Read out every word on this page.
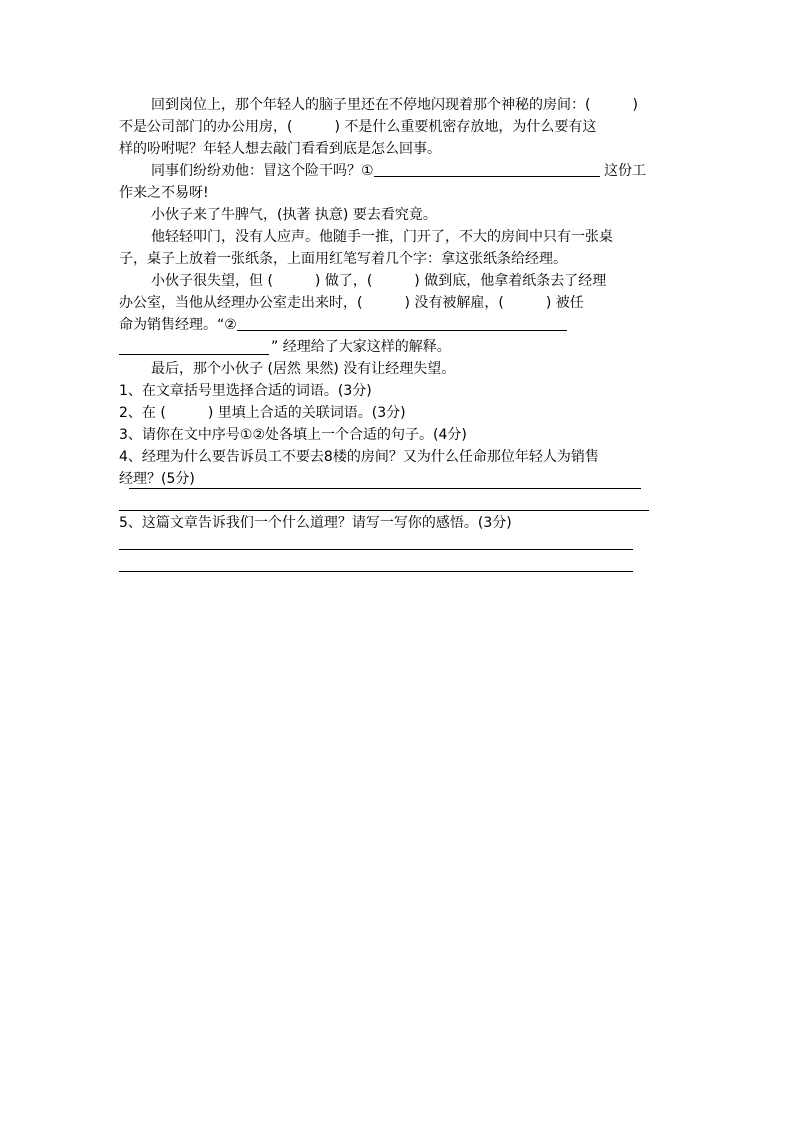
回到岗位上，那个年轻人的脑子里还在不停地闪现着那个神秘的房间：(　　　)
不是公司部门的办公用房，(　　　) 不是什么重要机密存放地，为什么要有这
样的吩咐呢？年轻人想去敲门看看到底是怎么回事。
同事们纷纷劝他：冒这个险干吗？①	这份工
作来之不易呀!
小伙子来了牛脾气，(执著 执意) 要去看究竟。
他轻轻叩门，没有人应声。他随手一推，门开了，不大的房间中只有一张桌
子，桌子上放着一张纸条，上面用红笔写着几个字：拿这张纸条给经理。
小伙子很失望，但 (　　　) 做了，(　　　) 做到底，他拿着纸条去了经理
办公室，当他从经理办公室走出来时，(　　　) 没有被解雇，(　　　) 被任
命为销售经理。“②
” 经理给了大家这样的解释。
最后，那个小伙子 (居然 果然) 没有让经理失望。
1、在文章括号里选择合适的词语。(3分)
2、在 (　　　) 里填上合适的关联词语。(3分)
3、请你在文中序号①②处各填上一个合适的句子。(4分)
4、经理为什么要告诉员工不要去8楼的房间？又为什么任命那位年轻人为销售
经理？(5分)
5、这篇文章告诉我们一个什么道理？请写一写你的感悟。(3分)
